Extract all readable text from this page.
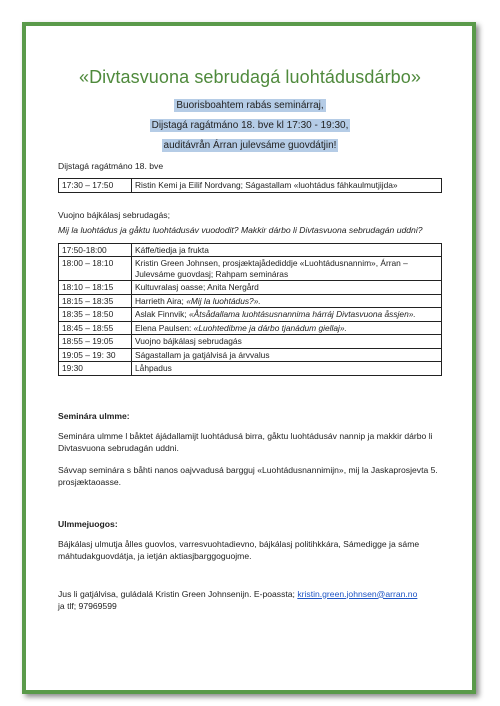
«Divtasvuona sebrudagá luohtádusdárbo»
Buorisboahtem rabás seminárraj,
Dijstagá ragátmáno 18. bve kl 17:30 - 19:30,
auditávrån Árran julevsáme guovdátjin!

Dijstagá ragátmáno 18. bve

17:30 – 17:50	Ristin Kemi ja Eilif Nordvang; Ságastallam «luohtádus fáhkaulmutjijda»

Vuojno bájkálasj sebrudagás;

Mij la luohtádus ja gåktu luohtádusáv vuododit? Makkir dárbo li Divtasvuona sebrudagán uddni?

17:50-18:00	Káffe/tiedja ja frukta
18:00 – 18:10	Kristin Green Johnsen, prosjæktajådediddje «Luohtádusnannim», Árran – Julevsáme guovdasj; Rahpam semináras
18:10 – 18:15	Kultuvralasj oasse; Anita Nergård
18:15 – 18:35	Harrieth Aira; «Mij la luohtádus?».
18:35 – 18:50	Aslak Finnvik; «Åtsådallama luohtásusnannima hárráj Divtasvuona åssjen».
18:45 – 18:55	Elena Paulsen: «Luohtedibme ja dárbo tjanádum giellaj».
18:55 – 19:05	Vuojno bájkálasj sebrudagás
19:05 – 19: 30	Ságastallam ja gatjálvisá ja árvvalus
19:30	Låhpadus

Seminára ulmme:

Seminára ulmme l båktet ájádallamijt luohtádusá birra, gåktu luohtádusáv nannip ja makkir dárbo li Divtasvuona sebrudagán uddni.

Sávvap seminára s båhti nanos oajvvadusá bargguj «Luohtádusnannimijn», mij la Jaskaprosjevta 5. prosjæktaoasse.

Ulmmejuogos:

Bájkálasj ulmutja ålles guovlos, varresvuohtadievno, bájkálasj politihkkára, Sámedigge ja sáme máhtudakguovdátja, ja ietján aktiasjbarggoguojme.

Jus li gatjálvisa, guládalá Kristin Green Johnsenijn. E-poassta; kristin.green.johnsen@arran.no
ja tlf; 97969599
